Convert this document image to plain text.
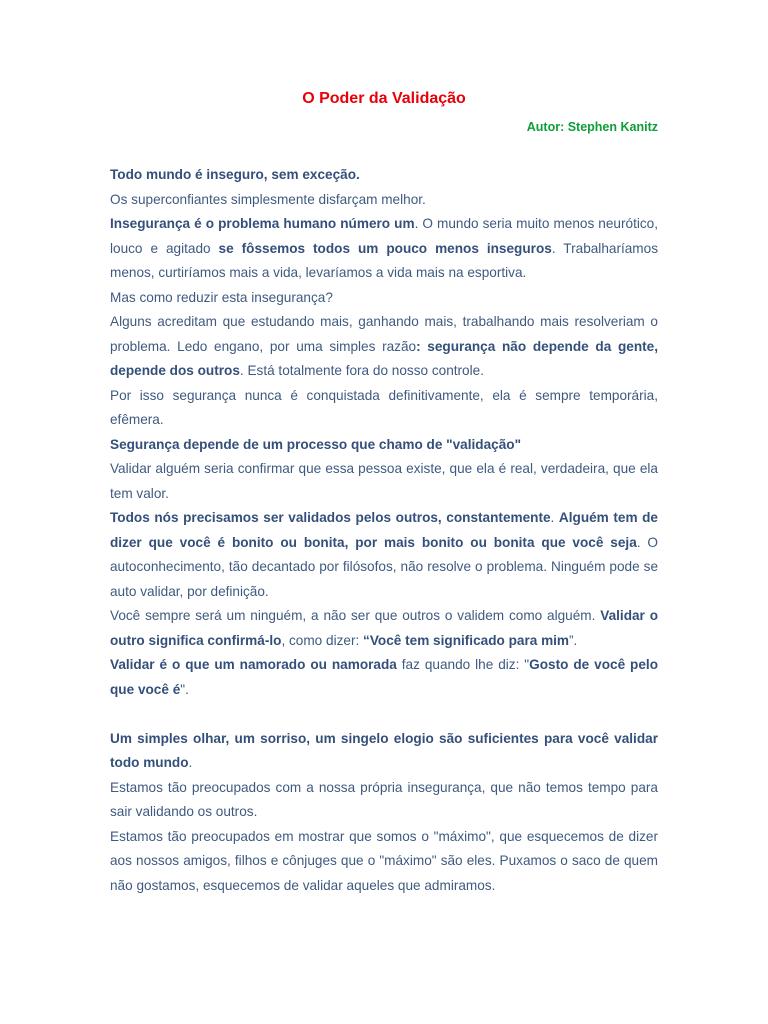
O Poder da Validação

Autor: Stephen Kanitz

Todo mundo é inseguro, sem exceção.

Os superconfiantes simplesmente disfarçam melhor.

Insegurança é o problema humano número um. O mundo seria muito menos neurótico, louco e agitado se fôssemos todos um pouco menos inseguros. Trabalharíamos menos, curtiríamos mais a vida, levaríamos a vida mais na esportiva.

Mas como reduzir esta insegurança?

Alguns acreditam que estudando mais, ganhando mais, trabalhando mais resolveriam o problema. Ledo engano, por uma simples razão: segurança não depende da gente, depende dos outros. Está totalmente fora do nosso controle.

Por isso segurança nunca é conquistada definitivamente, ela é sempre temporária, efêmera.

Segurança depende de um processo que chamo de "validação"

Validar alguém seria confirmar que essa pessoa existe, que ela é real, verdadeira, que ela tem valor.

Todos nós precisamos ser validados pelos outros, constantemente. Alguém tem de dizer que você é bonito ou bonita, por mais bonito ou bonita que você seja. O autoconhecimento, tão decantado por filósofos, não resolve o problema. Ninguém pode se auto validar, por definição.

Você sempre será um ninguém, a não ser que outros o validem como alguém. Validar o outro significa confirmá-lo, como dizer: “Você tem significado para mim”.

Validar é o que um namorado ou namorada faz quando lhe diz: "Gosto de você pelo que você é".

Um simples olhar, um sorriso, um singelo elogio são suficientes para você validar todo mundo.

Estamos tão preocupados com a nossa própria insegurança, que não temos tempo para sair validando os outros.

Estamos tão preocupados em mostrar que somos o "máximo", que esquecemos de dizer aos nossos amigos, filhos e cônjuges que o "máximo" são eles. Puxamos o saco de quem não gostamos, esquecemos de validar aqueles que admiramos.
